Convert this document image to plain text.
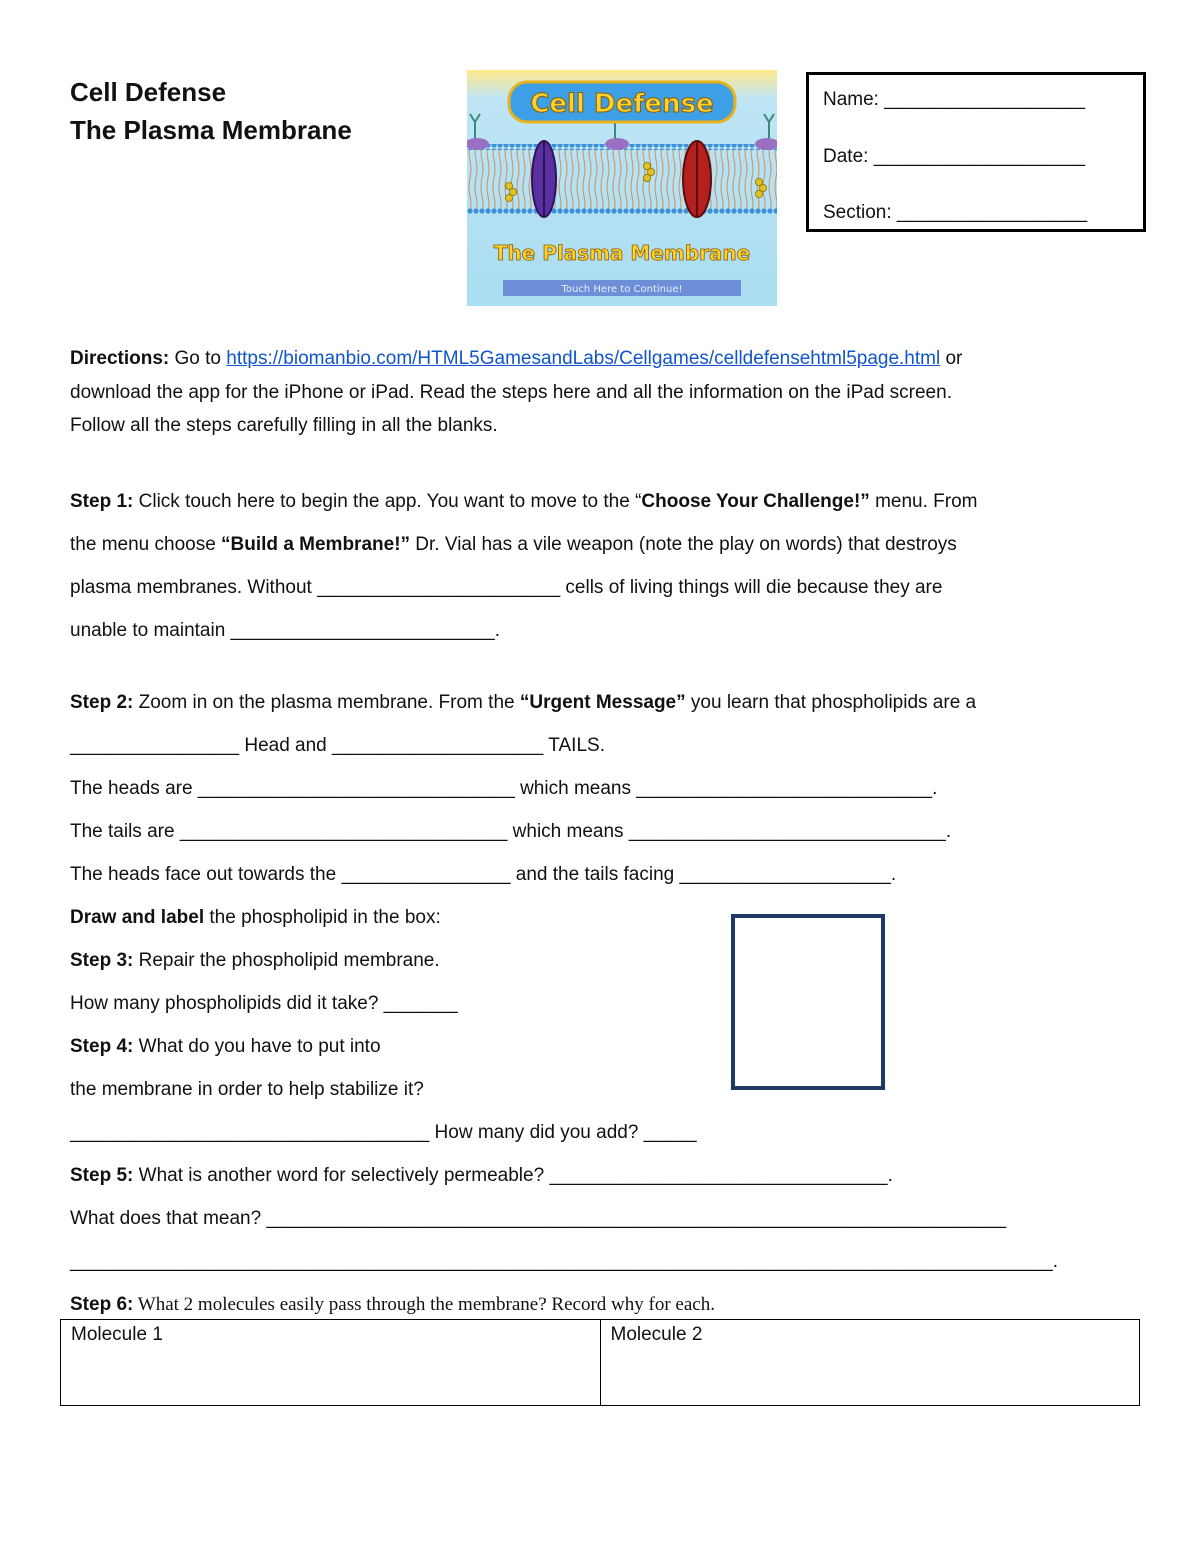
Cell Defense
The Plasma Membrane
Cell Defense
The Plasma Membrane
Touch Here to Continue!
Name: ___________________
Date: ____________________
Section: __________________
Directions: Go to https://biomanbio.com/HTML5GamesandLabs/Cellgames/celldefensehtml5page.html or
download the app for the iPhone or iPad. Read the steps here and all the information on the iPad screen.
Follow all the steps carefully filling in all the blanks.
Step 1: Click touch here to begin the app. You want to move to the “Choose Your Challenge!” menu. From
the menu choose “Build a Membrane!” Dr. Vial has a vile weapon (note the play on words) that destroys
plasma membranes. Without _______________________ cells of living things will die because they are
unable to maintain _________________________.
Step 2: Zoom in on the plasma membrane. From the “Urgent Message” you learn that phospholipids are a
________________ Head and ____________________ TAILS.
The heads are ______________________________ which means ____________________________.
The tails are _______________________________ which means ______________________________.
The heads face out towards the ________________ and the tails facing ____________________.
Draw and label the phospholipid in the box:
Step 3: Repair the phospholipid membrane.
How many phospholipids did it take? _______
Step 4: What do you have to put into
the membrane in order to help stabilize it?
__________________________________ How many did you add? _____
Step 5: What is another word for selectively permeable? ________________________________.
What does that mean? ______________________________________________________________________
_____________________________________________________________________________________________.
Step 6: What 2 molecules easily pass through the membrane? Record why for each.
Molecule 1	Molecule 2
